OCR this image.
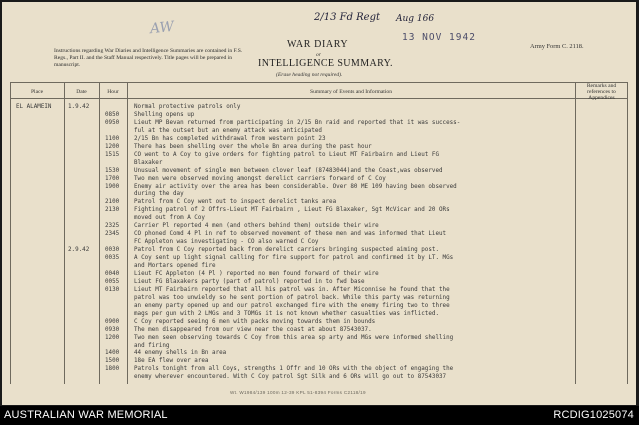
AW
2/13 Fd Regt Aug 166
13 NOV 1942
Instructions regarding War Diaries and Intelligence Summaries are contained in F.S. Regs., Part II. and the Staff Manual respectively. Title pages will be prepared in manuscript.
WAR DIARY
or
INTELLIGENCE SUMMARY.
(Erase heading not required).
Army Form C. 2118.
Place	Date	Hour	Summary of Events and Information
Remarks and references to Appendices
EL ALAMEIN	1.9.42	Normal protective patrols only
0850	Shelling opens up
0950	Lieut MP Bevan returned from participating in 2/15 Bn raid and reported that it was success-
ful at the outset but an enemy attack was anticipated
1100	2/15 Bn has completed withdrawal from western point 23
1200	There has been shelling over the whole Bn area during the past hour
1515	CO went to A Coy to give orders for fighting patrol to Lieut MT Fairbairn and Lieut FG
Blaxaker
1530	Unusual movement of single men between clover leaf (87483044)and the Coast,was observed
1700	Two men were observed moving amongst derelict carriers forward of C Coy
1900	Enemy air activity over the area has been considerable. Over 80 ME 109 having been observed
during the day
2100	Patrol from C Coy went out to inspect derelict tanks area
2130	Fighting patrol of 2 Offrs-Lieut MT Fairbairn , Lieut FG Blaxaker, Sgt McVicar and 20 ORs
moved out from A Coy
2325	Carrier Pl reported 4 men (and others behind them) outside their wire
2345	CO phoned Comd 4 Pl in ref to observed movement of these men and was informed that Lieut
FC Appleton was investigating - CO also warned C Coy
2.9.42	0030	Patrol from C Coy reported back from derelict carriers bringing suspected aiming post.
0035	A Coy sent up light signal calling for fire support for patrol and confirmed it by LT. MGs
and Mortars opened fire
0040	Lieut FC Appleton (4 Pl ) reported no men found forward of their wire
0055	Lieut FG Blaxakers party (part of patrol) reported in to fwd base
0130	Lieut MT Fairbairn reported that all his patrol was in. After Miconnise he found that the
patrol was too unwieldy so he sent portion of patrol back. While this party was returning
an enemy party opened up and our patrol exchanged fire with the enemy firing two to three
mags per gun with 2 LMGs and 3 TOMGs it is not known whether casualties was inflicted.
0900	C Coy reported seeing 6 men with packs moving towards them in bounds
0930	The men disappeared from our view near the coast at about 87543037.
1200	Two men seen observing towards C Coy from this area sp arty and MGs were informed shelling
and firing
1400	44 enemy shells in Bn area
1500	18e EA flew over area
1800	Patrols tonight from all Coys, strengths 1 Offr and 10 ORs with the object of engaging the
enemy wherever encountered. With C Coy patrol Sgt Silk and 6 ORs will go out to 87543037
Wt. W1984/139 100m 12-39 KPL 51-8394 Forms C2118/19
AUSTRALIAN WAR MEMORIAL	RCDIG1025074
